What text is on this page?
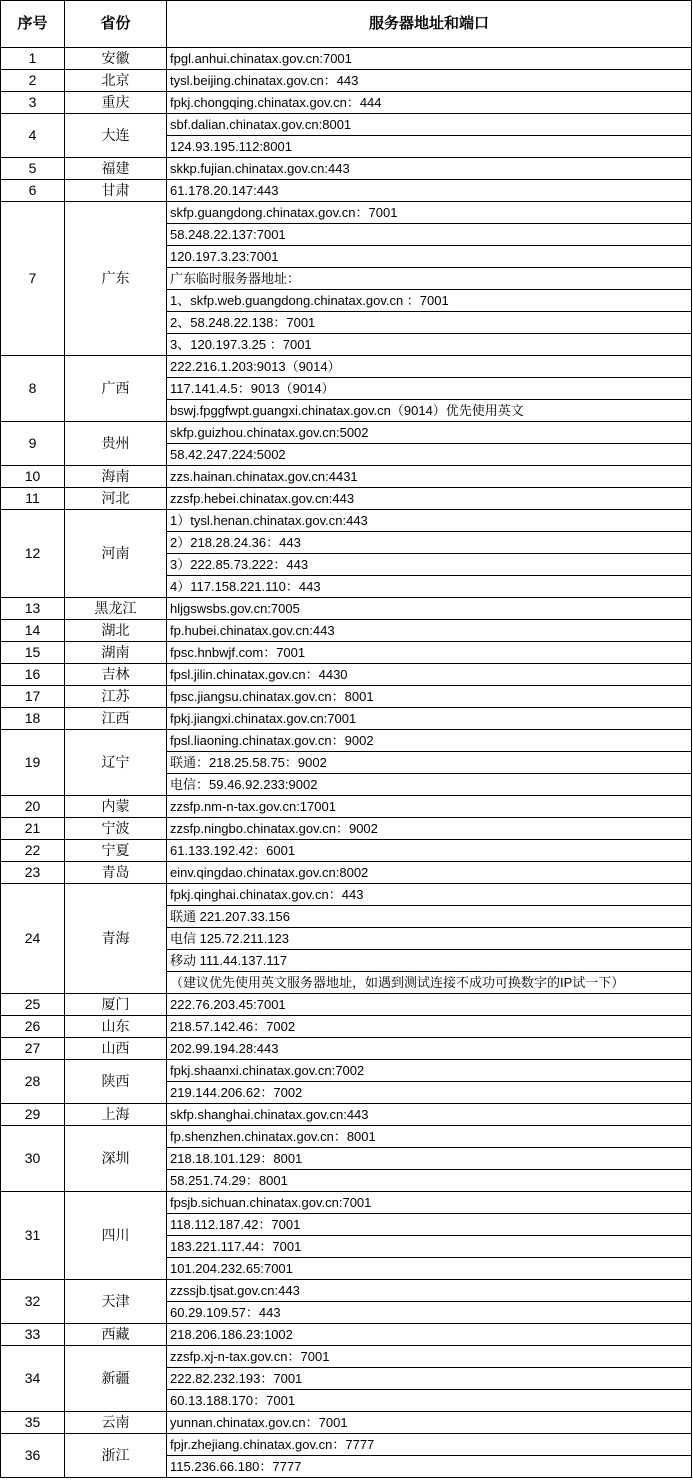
序号	省份	服务器地址和端口
1	安徽	fpgl.anhui.chinatax.gov.cn:7001
2	北京	tysl.beijing.chinatax.gov.cn：443
3	重庆	fpkj.chongqing.chinatax.gov.cn：444
4	大连	sbf.dalian.chinatax.gov.cn:8001
		124.93.195.112:8001
5	福建	skkp.fujian.chinatax.gov.cn:443
6	甘肃	61.178.20.147:443
7	广东	skfp.guangdong.chinatax.gov.cn：7001
		58.248.22.137:7001
		120.197.3.23:7001
		广东临时服务器地址：
		1、skfp.web.guangdong.chinatax.gov.cn ：7001
		2、58.248.22.138：7001
		3、120.197.3.25 ：7001
8	广西	222.216.1.203:9013（9014）
		117.141.4.5：9013（9014）
		bswj.fpggfwpt.guangxi.chinatax.gov.cn（9014）优先使用英文
9	贵州	skfp.guizhou.chinatax.gov.cn:5002
		58.42.247.224:5002
10	海南	zzs.hainan.chinatax.gov.cn:4431
11	河北	zzsfp.hebei.chinatax.gov.cn:443
12	河南	1）tysl.henan.chinatax.gov.cn:443
		2）218.28.24.36：443
		3）222.85.73.222：443
		4）117.158.221.110：443
13	黑龙江	hljgswsbs.gov.cn:7005
14	湖北	fp.hubei.chinatax.gov.cn:443
15	湖南	fpsc.hnbwjf.com：7001
16	吉林	fpsl.jilin.chinatax.gov.cn：4430
17	江苏	fpsc.jiangsu.chinatax.gov.cn：8001
18	江西	fpkj.jiangxi.chinatax.gov.cn:7001
19	辽宁	fpsl.liaoning.chinatax.gov.cn：9002
		联通：218.25.58.75：9002
		电信：59.46.92.233:9002
20	内蒙	zzsfp.nm-n-tax.gov.cn:17001
21	宁波	zzsfp.ningbo.chinatax.gov.cn：9002
22	宁夏	61.133.192.42：6001
23	青岛	einv.qingdao.chinatax.gov.cn:8002
24	青海	fpkj.qinghai.chinatax.gov.cn：443
		联通 221.207.33.156
		电信 125.72.211.123
		移动 111.44.137.117
		（建议优先使用英文服务器地址，如遇到测试连接不成功可换数字的IP试一下）
25	厦门	222.76.203.45:7001
26	山东	218.57.142.46：7002
27	山西	202.99.194.28:443
28	陕西	fpkj.shaanxi.chinatax.gov.cn:7002
		219.144.206.62：7002
29	上海	skfp.shanghai.chinatax.gov.cn:443
30	深圳	fp.shenzhen.chinatax.gov.cn：8001
		218.18.101.129：8001
		58.251.74.29：8001
31	四川	fpsjb.sichuan.chinatax.gov.cn:7001
		118.112.187.42：7001
		183.221.117.44：7001
		101.204.232.65:7001
32	天津	zzssjb.tjsat.gov.cn:443
		60.29.109.57：443
33	西藏	218.206.186.23:1002
34	新疆	zzsfp.xj-n-tax.gov.cn：7001
		222.82.232.193：7001
		60.13.188.170：7001
35	云南	yunnan.chinatax.gov.cn：7001
36	浙江	fpjr.zhejiang.chinatax.gov.cn：7777
		115.236.66.180：7777
